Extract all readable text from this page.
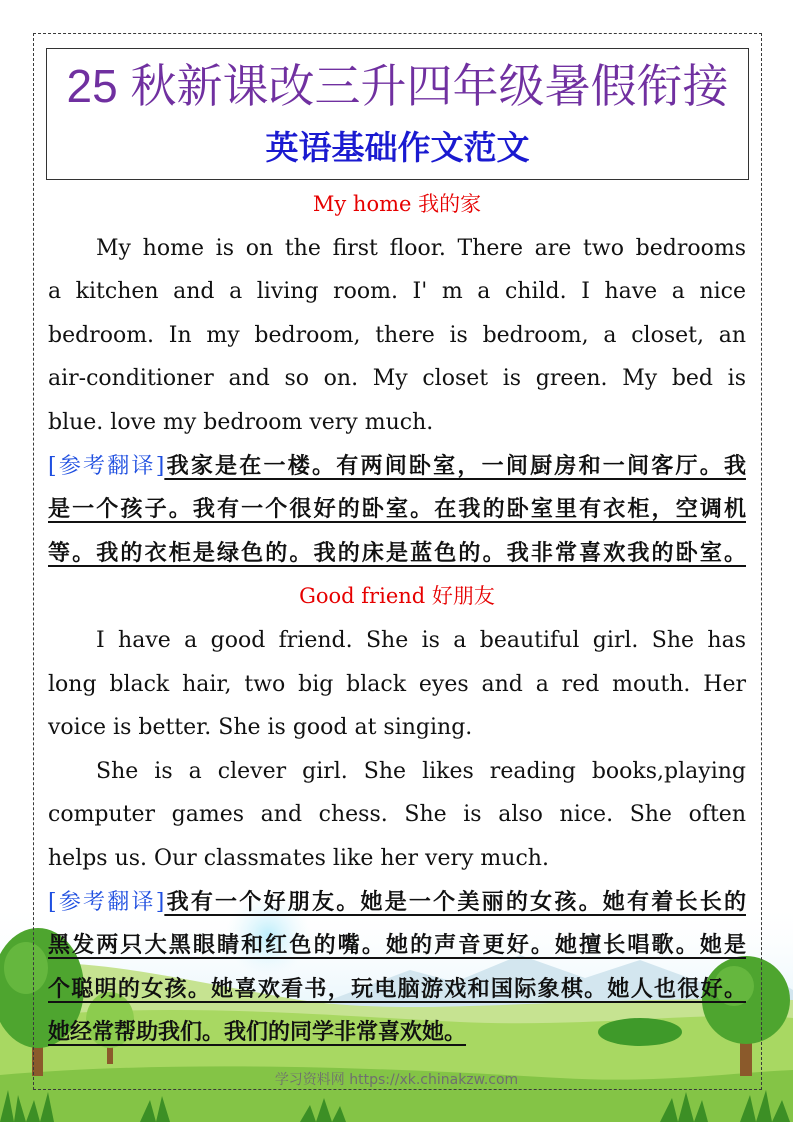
25 秋新课改三升四年级暑假衔接
英语基础作文范文
My home 我的家
My home is on the first floor. There are two bedrooms
a kitchen and a living room. I' m a child. I have a nice
bedroom. In my bedroom, there is bedroom, a closet, an
air-conditioner and so on. My closet is green. My bed is
blue. love my bedroom very much.
[参考翻译]我家是在一楼。有两间卧室，一间厨房和一间客厅。我
是一个孩子。我有一个很好的卧室。在我的卧室里有衣柜，空调机
等。我的衣柜是绿色的。我的床是蓝色的。我非常喜欢我的卧室。
Good friend 好朋友
I have a good friend. She is a beautiful girl. She has
long black hair, two big black eyes and a red mouth. Her
voice is better. She is good at singing.
She is a clever girl. She likes reading books,playing
computer games and chess. She is also nice. She often
helps us. Our classmates like her very much.
[参考翻译]我有一个好朋友。她是一个美丽的女孩。她有着长长的
黑发两只大黑眼睛和红色的嘴。她的声音更好。她擅长唱歌。她是
个聪明的女孩。她喜欢看书，玩电脑游戏和国际象棋。她人也很好。
她经常帮助我们。我们的同学非常喜欢她。
学习资料网 https://xk.chinakzw.com
